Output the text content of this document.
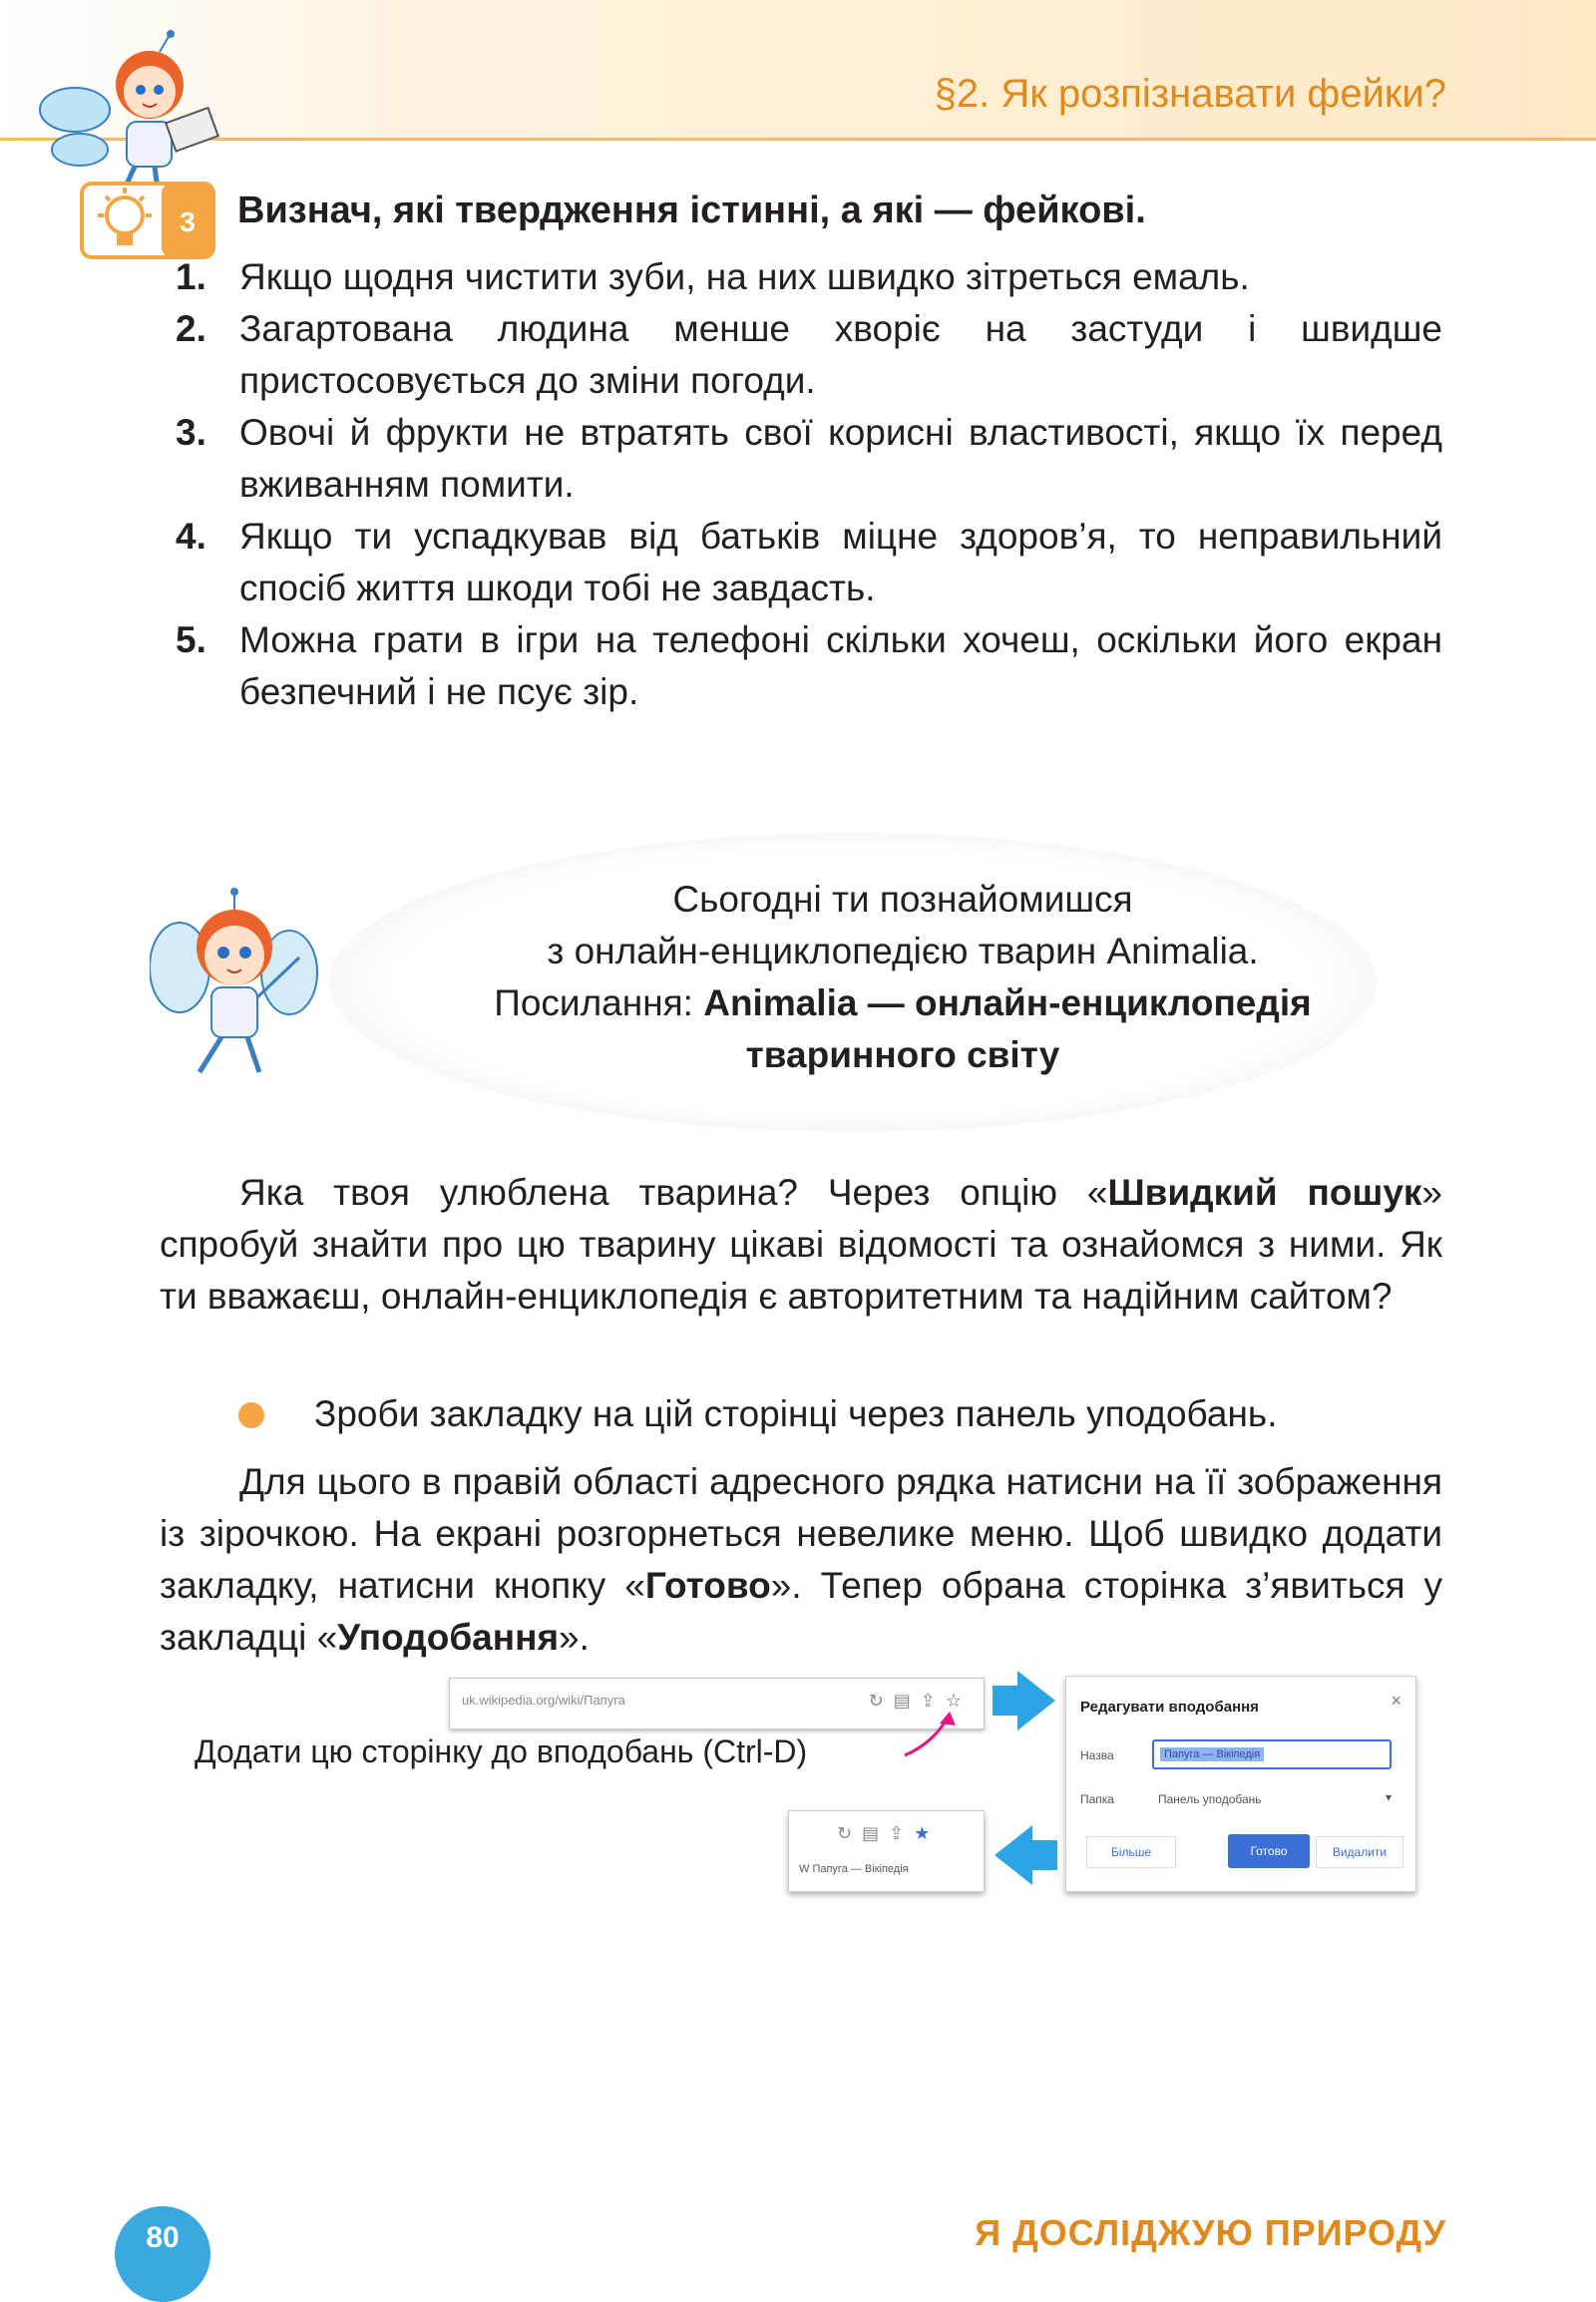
§2. Як розпізнавати фейки?
3 Визнач, які твердження істинні, а які — фейкові.
1. Якщо щодня чистити зуби, на них швидко зітреться емаль.
2. Загартована людина менше хворіє на застуди і швидше пристосовується до зміни погоди.
3. Овочі й фрукти не втратять свої корисні властивості, якщо їх перед вживанням помити.
4. Якщо ти успадкував від батьків міцне здоров’я, то неправильний спосіб життя шкоди тобі не завдасть.
5. Можна грати в ігри на телефоні скільки хочеш, оскільки його екран безпечний і не псує зір.
Сьогодні ти познайомишся
з онлайн-енциклопедією тварин Animalia.
Посилання: Animalia — онлайн-енциклопедія тваринного світу
Яка твоя улюблена тварина? Через опцію «Швидкий пошук» спробуй знайти про цю тварину цікаві відомості та ознайомся з ними. Як ти вважаєш, онлайн-енциклопедія є авторитетним та надійним сайтом?
Зроби закладку на цій сторінці через панель уподобань.
Для цього в правій області адресного рядка натисни на її зображення із зірочкою. На екрані розгорнеться невелике меню. Щоб швидко додати закладку, натисни кнопку «Готово». Тепер обрана сторінка з’явиться у закладці «Уподобання».
uk.wikipedia.org/wiki/Папуга	↻▤⇪☆
Додати цю сторінку до вподобань (Ctrl-D)
Редагувати вподобання	×
Назва	Папуга — Вікіпедія
Папка	Панель уподобань	▾
Більше	Готово	Видалити
↻▤⇪★
W Папуга — Вікіпедія
80	Я ДОСЛІДЖУЮ ПРИРОДУ
